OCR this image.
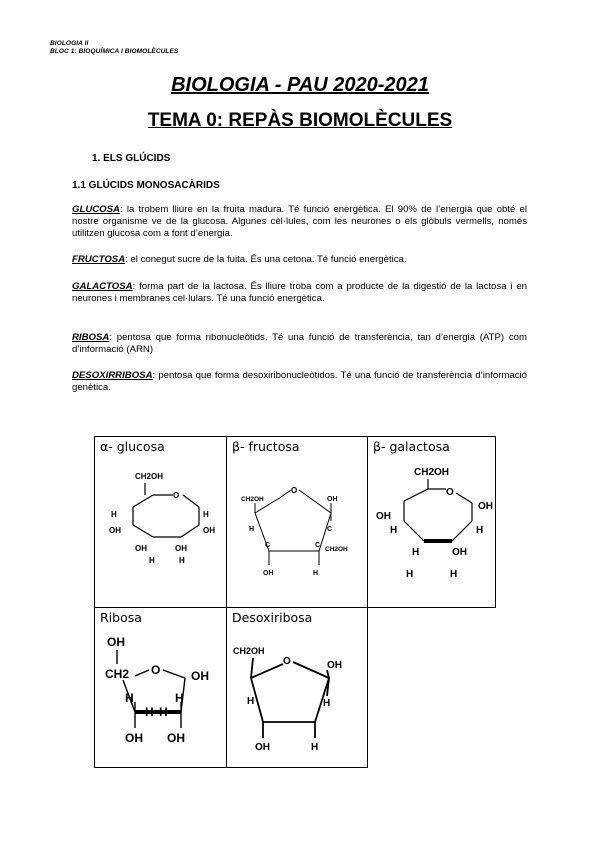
BIOLOGIA II
BLOC 1: BIOQUÍMICA I BIOMOLÈCULES
BIOLOGIA - PAU 2020-2021
TEMA 0: REPÀS BIOMOLÈCULES
1. ELS GLÚCIDS
1.1 GLÚCIDS MONOSACÀRIDS
GLUCOSA: la trobem lliure en la fruita madura. Té funció energètica. El 90% de l’energia que obté el nostre organisme ve de la glucosa. Algunes cèl·lules, com les neurones o els glòbuls vermells, només utilitzen glucosa com a font d’energia.
FRUCTOSA: el conegut sucre de la fuita. És una cetona. Té funció energètica.
GALACTOSA: forma part de la lactosa. És lliure troba com a producte de la digestió de la lactosa i en neurones i membranes cel·lulars. Té una funció energètica.
RIBOSA: pentosa que forma ribonucleòtids. Té una funció de transferència, tan d’energia (ATP) com d’informació (ARN)
DESOXIRRIBOSA: pentosa que forma desoxiribonucleòtidos. Té una funció de transferència d’informació genètica.
α- glucosa
CH2OH
O
H	H
OH	OH
OH	OH
H	H
β- fructosa
O
CH2OH	OH
H
C	C
CH2OH
C
OH	H
β- galactosa
CH2OH
O
OH
OH
H
H
H	OH
H	H
Ribosa
OH
CH2 O	OH
H	H
H H
OH OH
Desoxiribosa
O
CH2OH
OH
H	H
OH	H
